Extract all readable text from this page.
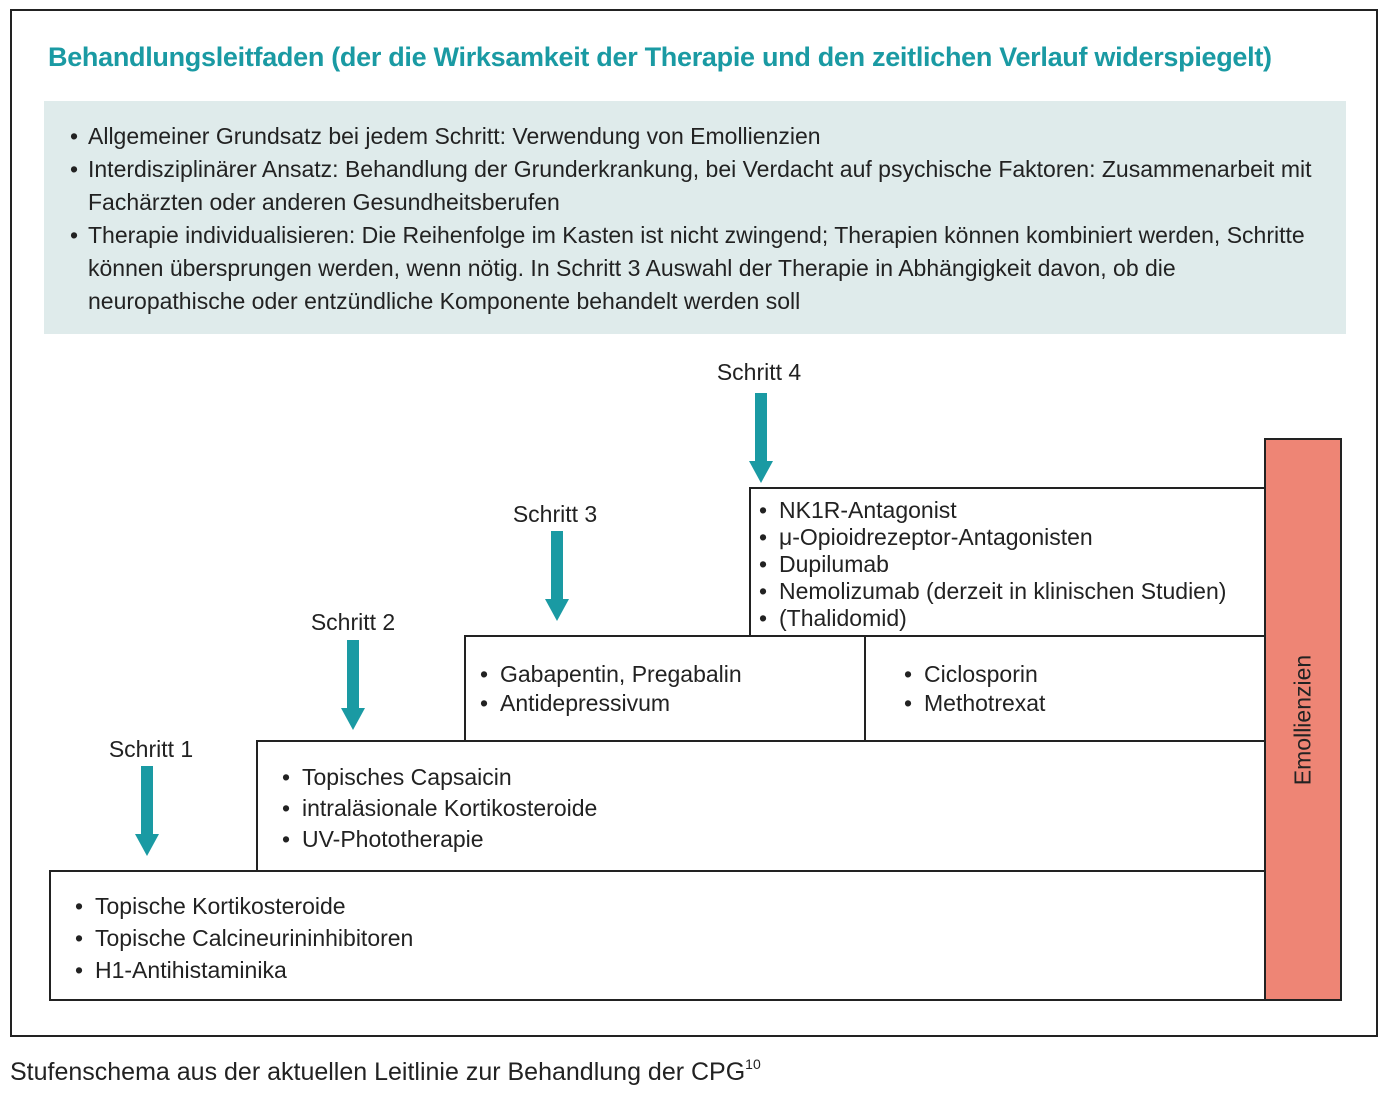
Behandlungsleitfaden (der die Wirksamkeit der Therapie und den zeitlichen Verlauf widerspiegelt)
• Allgemeiner Grundsatz bei jedem Schritt: Verwendung von Emollienzien
• Interdisziplinärer Ansatz: Behandlung der Grunderkrankung, bei Verdacht auf psychische Faktoren: Zusammenarbeit mit Fachärzten oder anderen Gesundheitsberufen
• Therapie individualisieren: Die Reihenfolge im Kasten ist nicht zwingend; Therapien können kombiniert werden, Schritte können übersprungen werden, wenn nötig. In Schritt 3 Auswahl der Therapie in Abhängigkeit davon, ob die neuropathische oder entzündliche Komponente behandelt werden soll
Schritt 4
• NK1R-Antagonist
• μ-Opioidrezeptor-Antagonisten
• Dupilumab
• Nemolizumab (derzeit in klinischen Studien)
• (Thalidomid)
Schritt 3
• Gabapentin, Pregabalin
• Antidepressivum
• Ciclosporin
• Methotrexat
Schritt 2
• Topisches Capsaicin
• intraläsionale Kortikosteroide
• UV-Phototherapie
Schritt 1
• Topische Kortikosteroide
• Topische Calcineurininhibitoren
• H1-Antihistaminika
Emollienzien
Stufenschema aus der aktuellen Leitlinie zur Behandlung der CPG$^{10}$
